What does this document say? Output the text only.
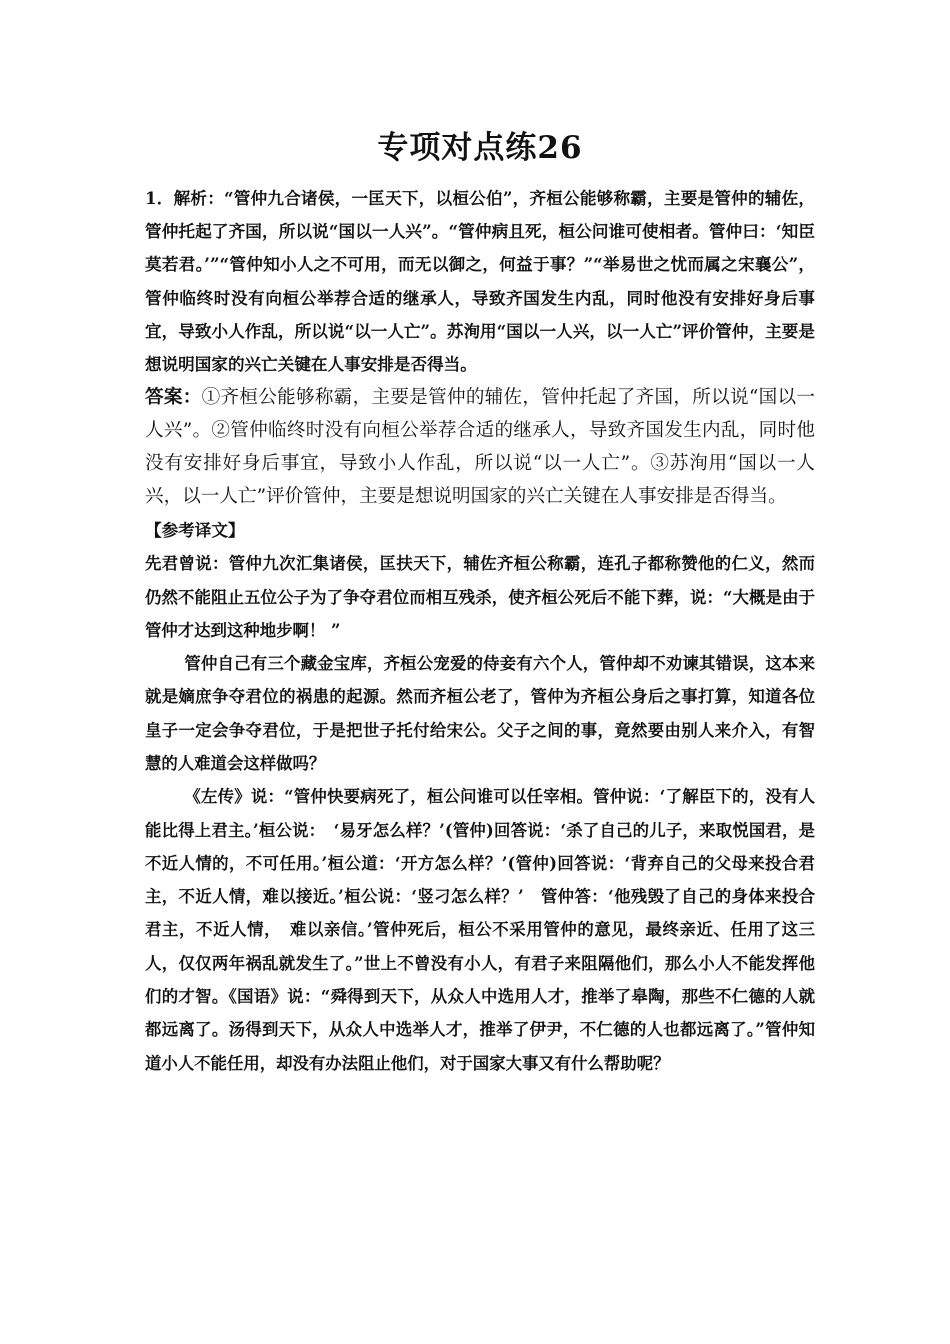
专项对点练26

1．解析：“管仲九合诸侯，一匡天下，以桓公伯”，齐桓公能够称霸，主要是管仲的辅佐，管仲托起了齐国，所以说“国以一人兴”。“管仲病且死，桓公问谁可使相者。管仲曰：‘知臣莫若君。’”“管仲知小人之不可用，而无以御之，何益于事？”“举易世之忧而属之宋襄公”，管仲临终时没有向桓公举荐合适的继承人，导致齐国发生内乱，同时他没有安排好身后事宜，导致小人作乱，所以说“以一人亡”。苏洵用“国以一人兴，以一人亡”评价管仲，主要是想说明国家的兴亡关键在人事安排是否得当。

答案：①齐桓公能够称霸，主要是管仲的辅佐，管仲托起了齐国，所以说“国以一人兴”。②管仲临终时没有向桓公举荐合适的继承人，导致齐国发生内乱，同时他没有安排好身后事宜，导致小人作乱，所以说“以一人亡”。③苏洵用“国以一人兴，以一人亡”评价管仲，主要是想说明国家的兴亡关键在人事安排是否得当。

【参考译文】

先君曾说：管仲九次汇集诸侯，匡扶天下，辅佐齐桓公称霸，连孔子都称赞他的仁义，然而仍然不能阻止五位公子为了争夺君位而相互残杀，使齐桓公死后不能下葬，说：“大概是由于管仲才达到这种地步啊！ ”

管仲自己有三个藏金宝库，齐桓公宠爱的侍妾有六个人，管仲却不劝谏其错误，这本来就是嫡庶争夺君位的祸患的起源。然而齐桓公老了，管仲为齐桓公身后之事打算，知道各位皇子一定会争夺君位，于是把世子托付给宋公。父子之间的事，竟然要由别人来介入，有智慧的人难道会这样做吗？

《左传》说：“管仲快要病死了，桓公问谁可以任宰相。管仲说：‘了解臣下的，没有人能比得上君主。’桓公说：　‘易牙怎么样？’(管仲)回答说：‘杀了自己的儿子，来取悦国君，是不近人情的，不可任用。’桓公道：‘开方怎么样？’(管仲)回答说：‘背弃自己的父母来投合君主，不近人情，难以接近。’桓公说：‘竖刁怎么样？’　管仲答：‘他残毁了自己的身体来投合君主，不近人情，　难以亲信。’管仲死后，桓公不采用管仲的意见，最终亲近、任用了这三人，仅仅两年祸乱就发生了。”世上不曾没有小人，有君子来阻隔他们，那么小人不能发挥他们的才智。《国语》说：“舜得到天下，从众人中选用人才，推举了皋陶，那些不仁德的人就都远离了。汤得到天下，从众人中选举人才，推举了伊尹，不仁德的人也都远离了。”管仲知道小人不能任用，却没有办法阻止他们，对于国家大事又有什么帮助呢？
